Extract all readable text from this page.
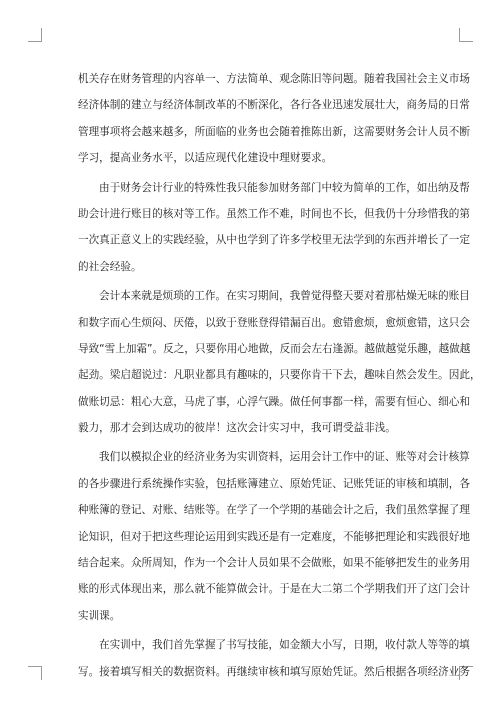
机关存在财务管理的内容单一、方法简单、观念陈旧等问题。随着我国社会主义市场
经济体制的建立与经济体制改革的不断深化，各行各业迅速发展壮大，商务局的日常
管理事项将会越来越多，所面临的业务也会随着推陈出新，这需要财务会计人员不断
学习，提高业务水平，以适应现代化建设中理财要求。
由于财务会计行业的特殊性我只能参加财务部门中较为简单的工作，如出纳及帮
助会计进行账目的核对等工作。虽然工作不难，时间也不长，但我仍十分珍惜我的第
一次真正意义上的实践经验，从中也学到了许多学校里无法学到的东西并增长了一定
的社会经验。
会计本来就是烦琐的工作。在实习期间，我曾觉得整天要对着那枯燥无味的账目
和数字而心生烦闷、厌倦，以致于登账登得错漏百出。愈错愈烦，愈烦愈错，这只会
导致“雪上加霜”。反之，只要你用心地做，反而会左右逢源。越做越觉乐趣，越做越
起劲。梁启超说过：凡职业都具有趣味的，只要你肯干下去，趣味自然会发生。因此，
做账切忌：粗心大意，马虎了事，心浮气躁。做任何事都一样，需要有恒心、细心和
毅力，那才会到达成功的彼岸！这次会计实习中，我可谓受益非浅。
我们以模拟企业的经济业务为实训资料，运用会计工作中的证、账等对会计核算
的各步骤进行系统操作实验，包括账簿建立、原始凭证、记账凭证的审核和填制，各
种账簿的登记、对账、结账等。在学了一个学期的基础会计之后，我们虽然掌握了理
论知识，但对于把这些理论运用到实践还是有一定难度，不能够把理论和实践很好地
结合起来。众所周知，作为一个会计人员如果不会做账，如果不能够把发生的业务用
账的形式体现出来，那么就不能算做会计。于是在大二第二个学期我们开了这门会计
实训课。
在实训中，我们首先掌握了书写技能，如金额大小写，日期，收付款人等等的填
写。接着填写相关的数据资料。再继续审核和填写原始凭证。然后根据各项经济业务
